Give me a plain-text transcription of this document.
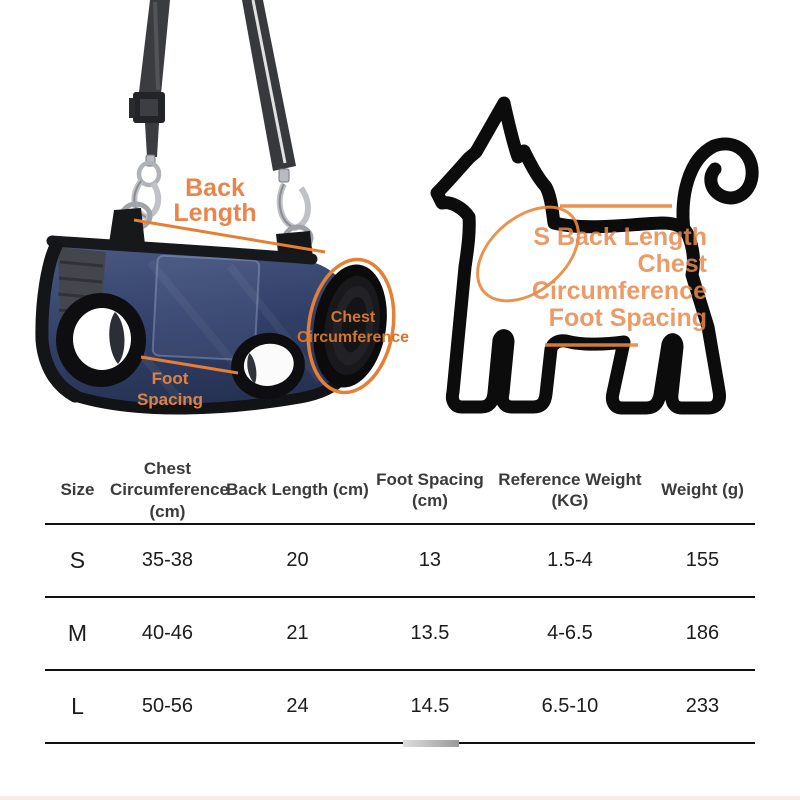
Back
Length
Chest
Circumference
Foot
Spacing
S Back Length
Chest
Circumference
Foot Spacing
Size	Chest Circumference (cm)	Back Length (cm)	Foot Spacing (cm)	Reference Weight (KG)	Weight (g)
S	35-38	20	13	1.5-4	155
M	40-46	21	13.5	4-6.5	186
L	50-56	24	14.5	6.5-10	233
